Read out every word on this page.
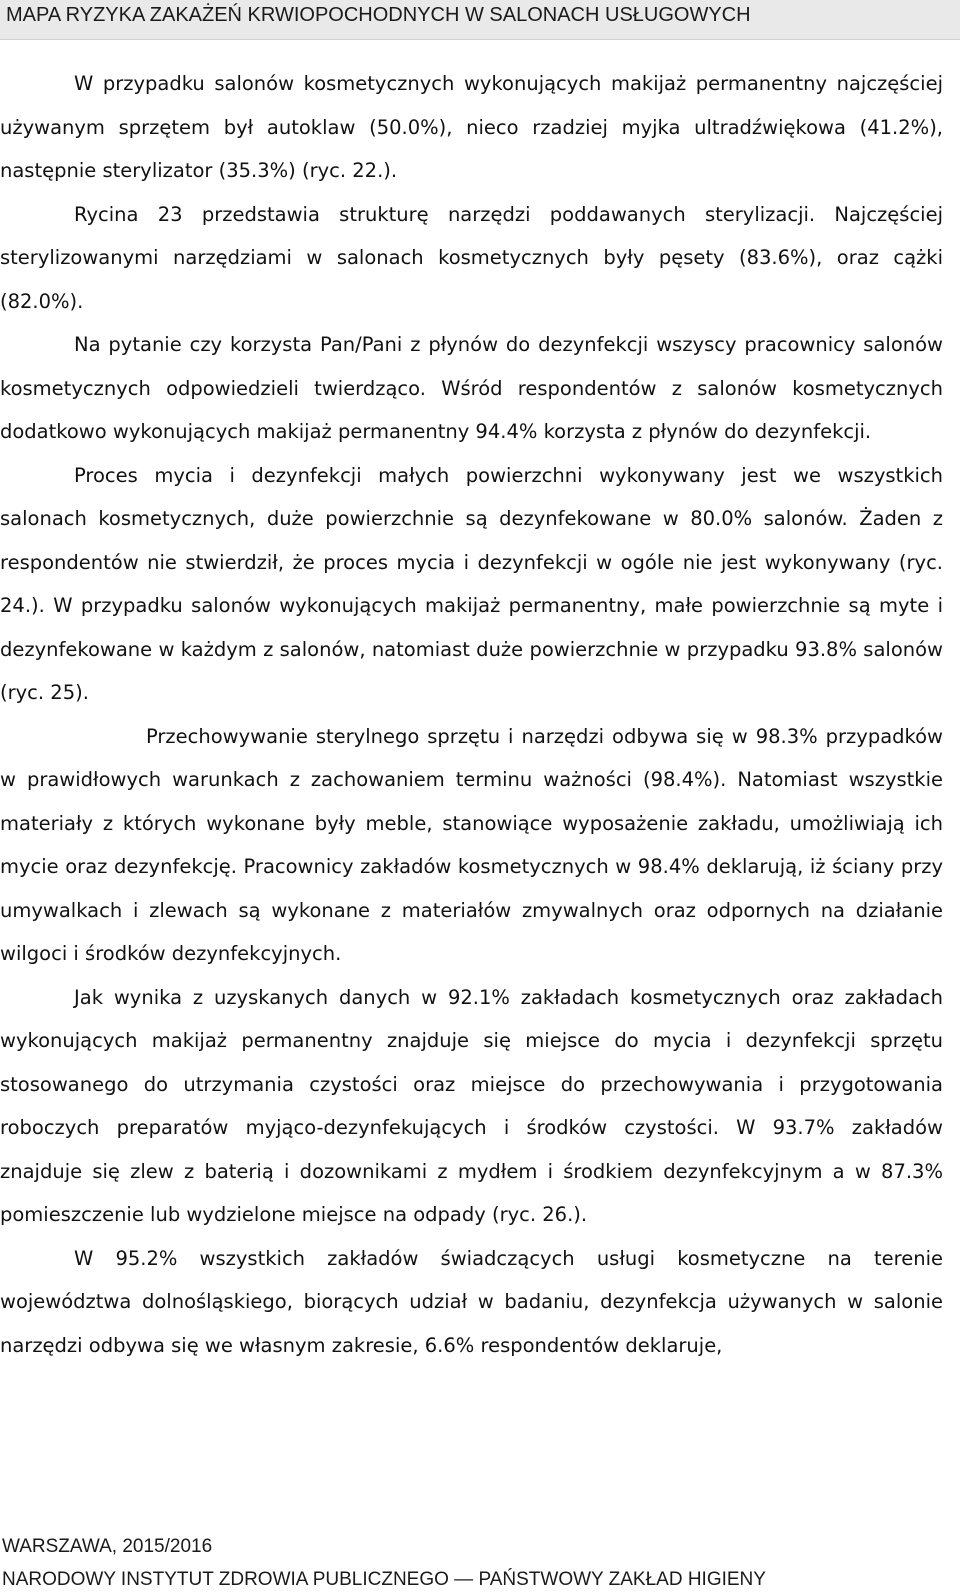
MAPA RYZYKA ZAKAŻEŃ KRWIOPOCHODNYCH W SALONACH USŁUGOWYCH

W przypadku salonów kosmetycznych wykonujących makijaż permanentny najczęściej używanym sprzętem był autoklaw (50.0%), nieco rzadziej myjka ultradźwiękowa (41.2%), następnie sterylizator (35.3%) (ryc. 22.).

Rycina 23 przedstawia strukturę narzędzi poddawanych sterylizacji. Najczęściej sterylizowanymi narzędziami w salonach kosmetycznych były pęsety (83.6%), oraz cążki (82.0%).

Na pytanie czy korzysta Pan/Pani z płynów do dezynfekcji wszyscy pracownicy salonów kosmetycznych odpowiedzieli twierdząco. Wśród respondentów z salonów kosmetycznych dodatkowo wykonujących makijaż permanentny 94.4% korzysta z płynów do dezynfekcji.

Proces mycia i dezynfekcji małych powierzchni wykonywany jest we wszystkich salonach kosmetycznych, duże powierzchnie są dezynfekowane w 80.0% salonów. Żaden z respondentów nie stwierdził, że proces mycia i dezynfekcji w ogóle nie jest wykonywany (ryc. 24.). W przypadku salonów wykonujących makijaż permanentny, małe powierzchnie są myte i dezynfekowane w każdym z salonów, natomiast duże powierzchnie w przypadku 93.8% salonów (ryc. 25).

Przechowywanie sterylnego sprzętu i narzędzi odbywa się w 98.3% przypadków w prawidłowych warunkach z zachowaniem terminu ważności (98.4%). Natomiast wszystkie materiały z których wykonane były meble, stanowiące wyposażenie zakładu, umożliwiają ich mycie oraz dezynfekcję. Pracownicy zakładów kosmetycznych w 98.4% deklarują, iż ściany przy umywalkach i zlewach są wykonane z materiałów zmywalnych oraz odpornych na działanie wilgoci i środków dezynfekcyjnych.

Jak wynika z uzyskanych danych w 92.1% zakładach kosmetycznych oraz zakładach wykonujących makijaż permanentny znajduje się miejsce do mycia i dezynfekcji sprzętu stosowanego do utrzymania czystości oraz miejsce do przechowywania i przygotowania roboczych preparatów myjąco-dezynfekujących i środków czystości. W 93.7% zakładów znajduje się zlew z baterią i dozownikami z mydłem i środkiem dezynfekcyjnym a w 87.3% pomieszczenie lub wydzielone miejsce na odpady (ryc. 26.).

W 95.2% wszystkich zakładów świadczących usługi kosmetyczne na terenie województwa dolnośląskiego, biorących udział w badaniu, dezynfekcja używanych w salonie narzędzi odbywa się we własnym zakresie, 6.6% respondentów deklaruje,

WARSZAWA, 2015/2016
NARODOWY INSTYTUT ZDROWIA PUBLICZNEGO — PAŃSTWOWY ZAKŁAD HIGIENY
